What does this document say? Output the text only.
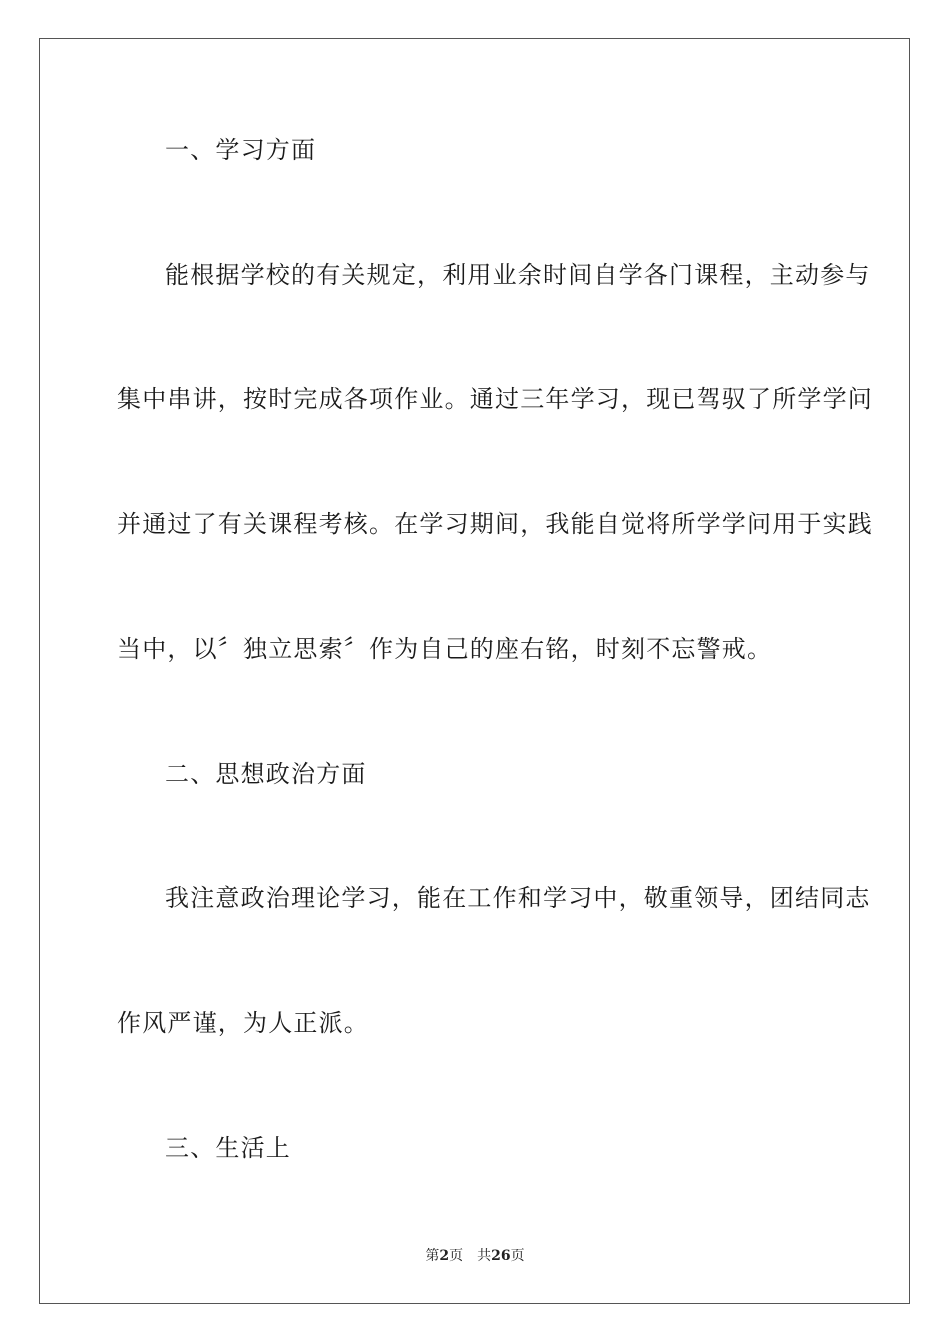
一、学习方面
能根据学校的有关规定，利用业余时间自学各门课程，主动参与
集中串讲，按时完成各项作业。通过三年学习，现已驾驭了所学学问
并通过了有关课程考核。在学习期间，我能自觉将所学学问用于实践
当中，以〞独立思索〞作为自己的座右铭，时刻不忘警戒。
二、思想政治方面
我注意政治理论学习，能在工作和学习中，敬重领导，团结同志
作风严谨，为人正派。
三、生活上
第2页 共26页
